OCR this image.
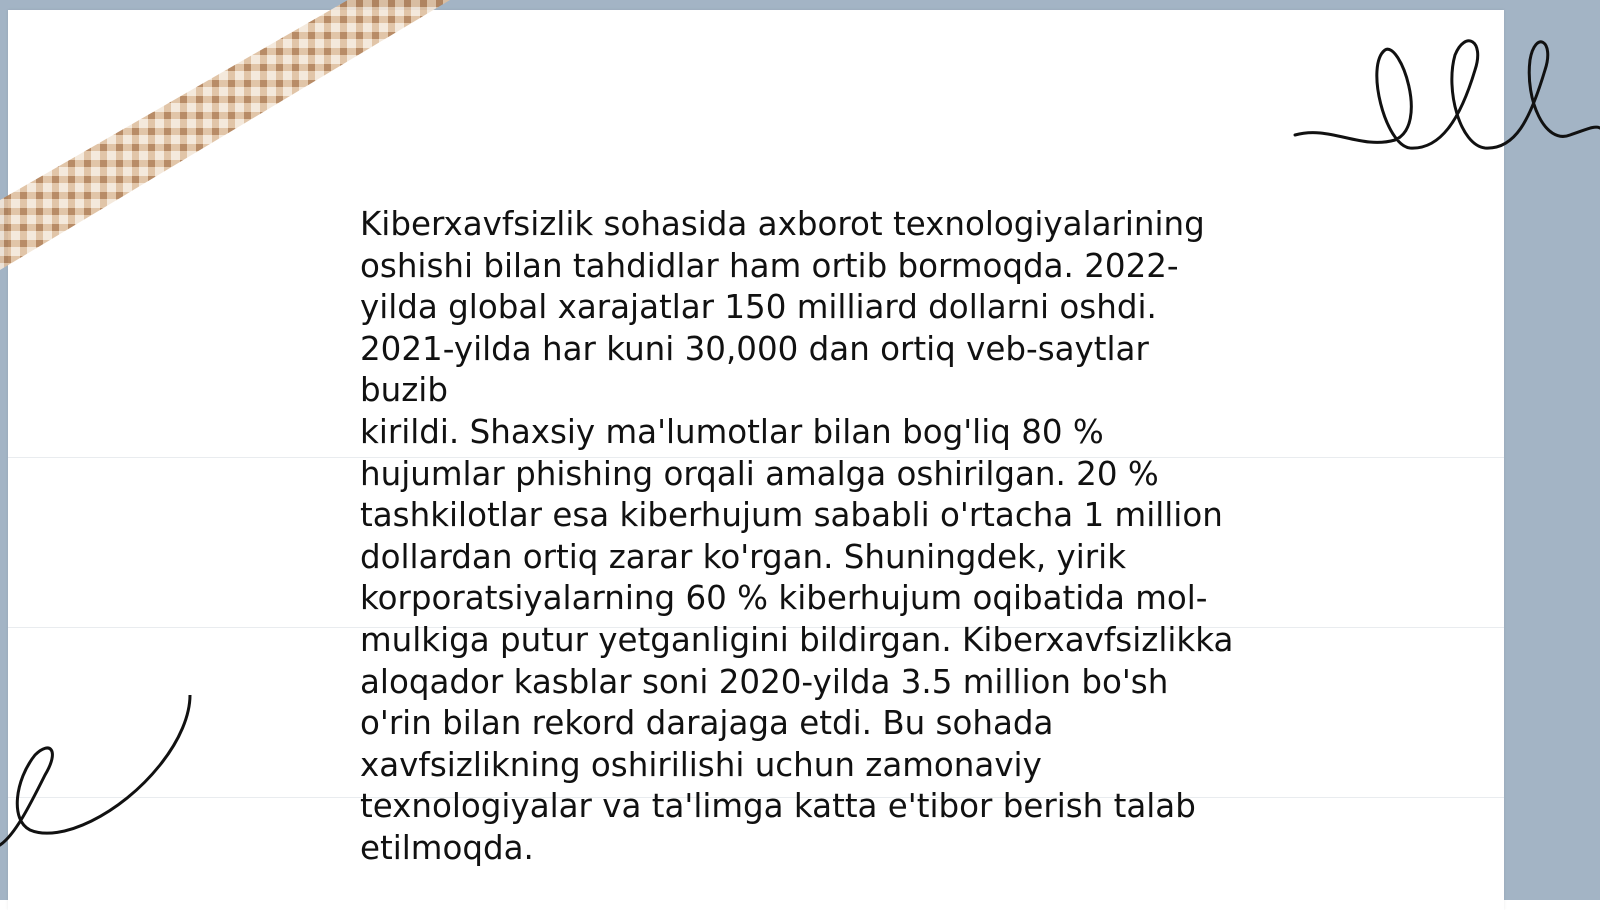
Kiberxavfsizlik sohasida axborot texnologiyalarining
oshishi bilan tahdidlar ham ortib bormoqda. 2022-
yilda global xarajatlar 150 milliard dollarni oshdi.
2021-yilda har kuni 30,000 dan ortiq veb-saytlar buzib
kirildi. Shaxsiy ma'lumotlar bilan bog'liq 80 %
hujumlar phishing orqali amalga oshirilgan. 20 %
tashkilotlar esa kiberhujum sababli o'rtacha 1 million
dollardan ortiq zarar ko'rgan. Shuningdek, yirik
korporatsiyalarning 60 % kiberhujum oqibatida mol-
mulkiga putur yetganligini bildirgan. Kiberxavfsizlikka
aloqador kasblar soni 2020-yilda 3.5 million bo'sh
o'rin bilan rekord darajaga etdi. Bu sohada
xavfsizlikning oshirilishi uchun zamonaviy
texnologiyalar va ta'limga katta e'tibor berish talab
etilmoqda.
